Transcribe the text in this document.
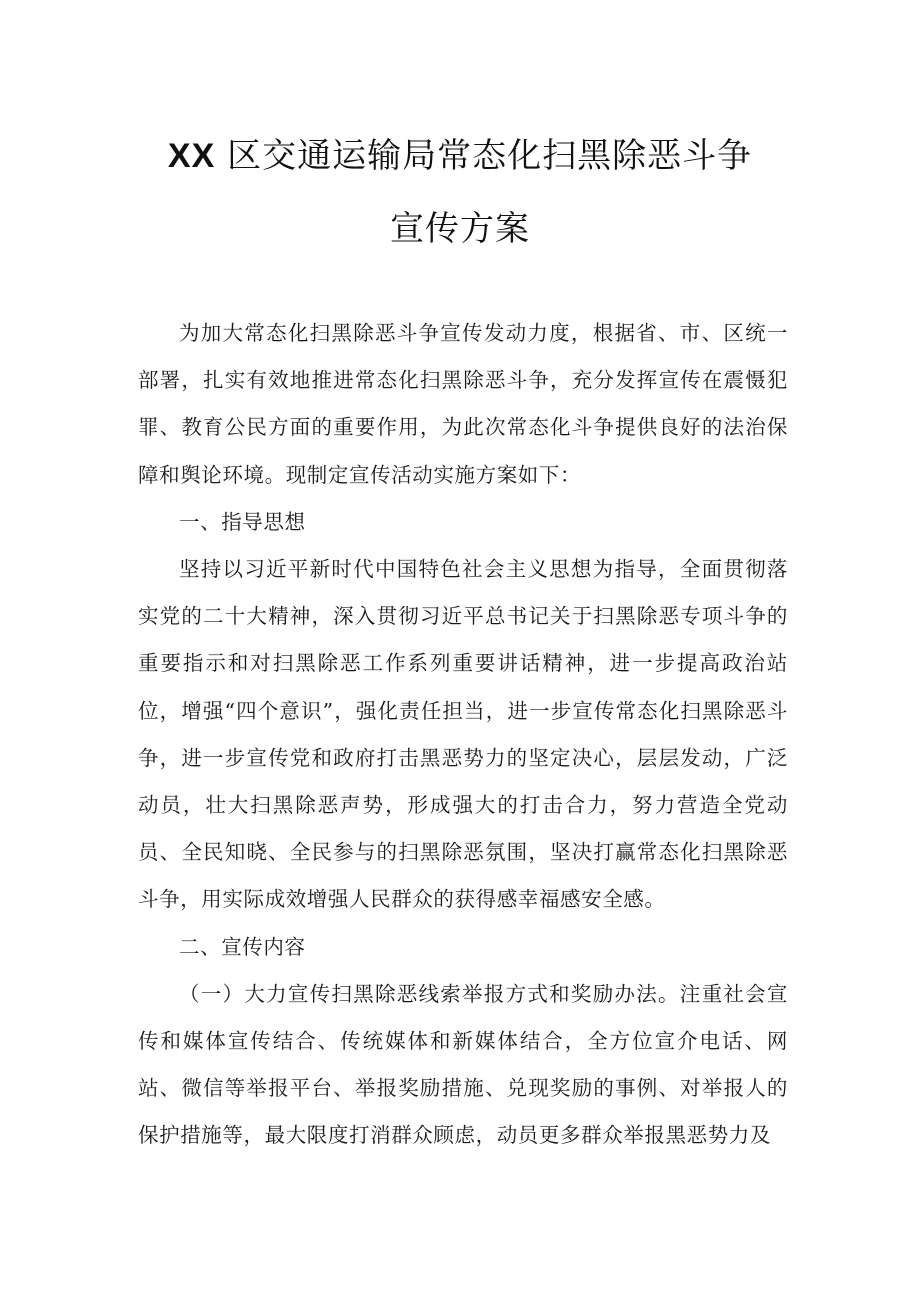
XX 区交通运输局常态化扫黑除恶斗争
宣传方案

为加大常态化扫黑除恶斗争宣传发动力度，根据省、市、区统一部署，扎实有效地推进常态化扫黑除恶斗争，充分发挥宣传在震慑犯罪、教育公民方面的重要作用，为此次常态化斗争提供良好的法治保障和舆论环境。现制定宣传活动实施方案如下：

一、指导思想

坚持以习近平新时代中国特色社会主义思想为指导，全面贯彻落实党的二十大精神，深入贯彻习近平总书记关于扫黑除恶专项斗争的重要指示和对扫黑除恶工作系列重要讲话精神，进一步提高政治站位，增强“四个意识”，强化责任担当，进一步宣传常态化扫黑除恶斗争，进一步宣传党和政府打击黑恶势力的坚定决心，层层发动，广泛动员，壮大扫黑除恶声势，形成强大的打击合力，努力营造全党动员、全民知晓、全民参与的扫黑除恶氛围，坚决打赢常态化扫黑除恶斗争，用实际成效增强人民群众的获得感幸福感安全感。

二、宣传内容

（一）大力宣传扫黑除恶线索举报方式和奖励办法。注重社会宣传和媒体宣传结合、传统媒体和新媒体结合，全方位宣介电话、网站、微信等举报平台、举报奖励措施、兑现奖励的事例、对举报人的保护措施等，最大限度打消群众顾虑，动员更多群众举报黑恶势力及
